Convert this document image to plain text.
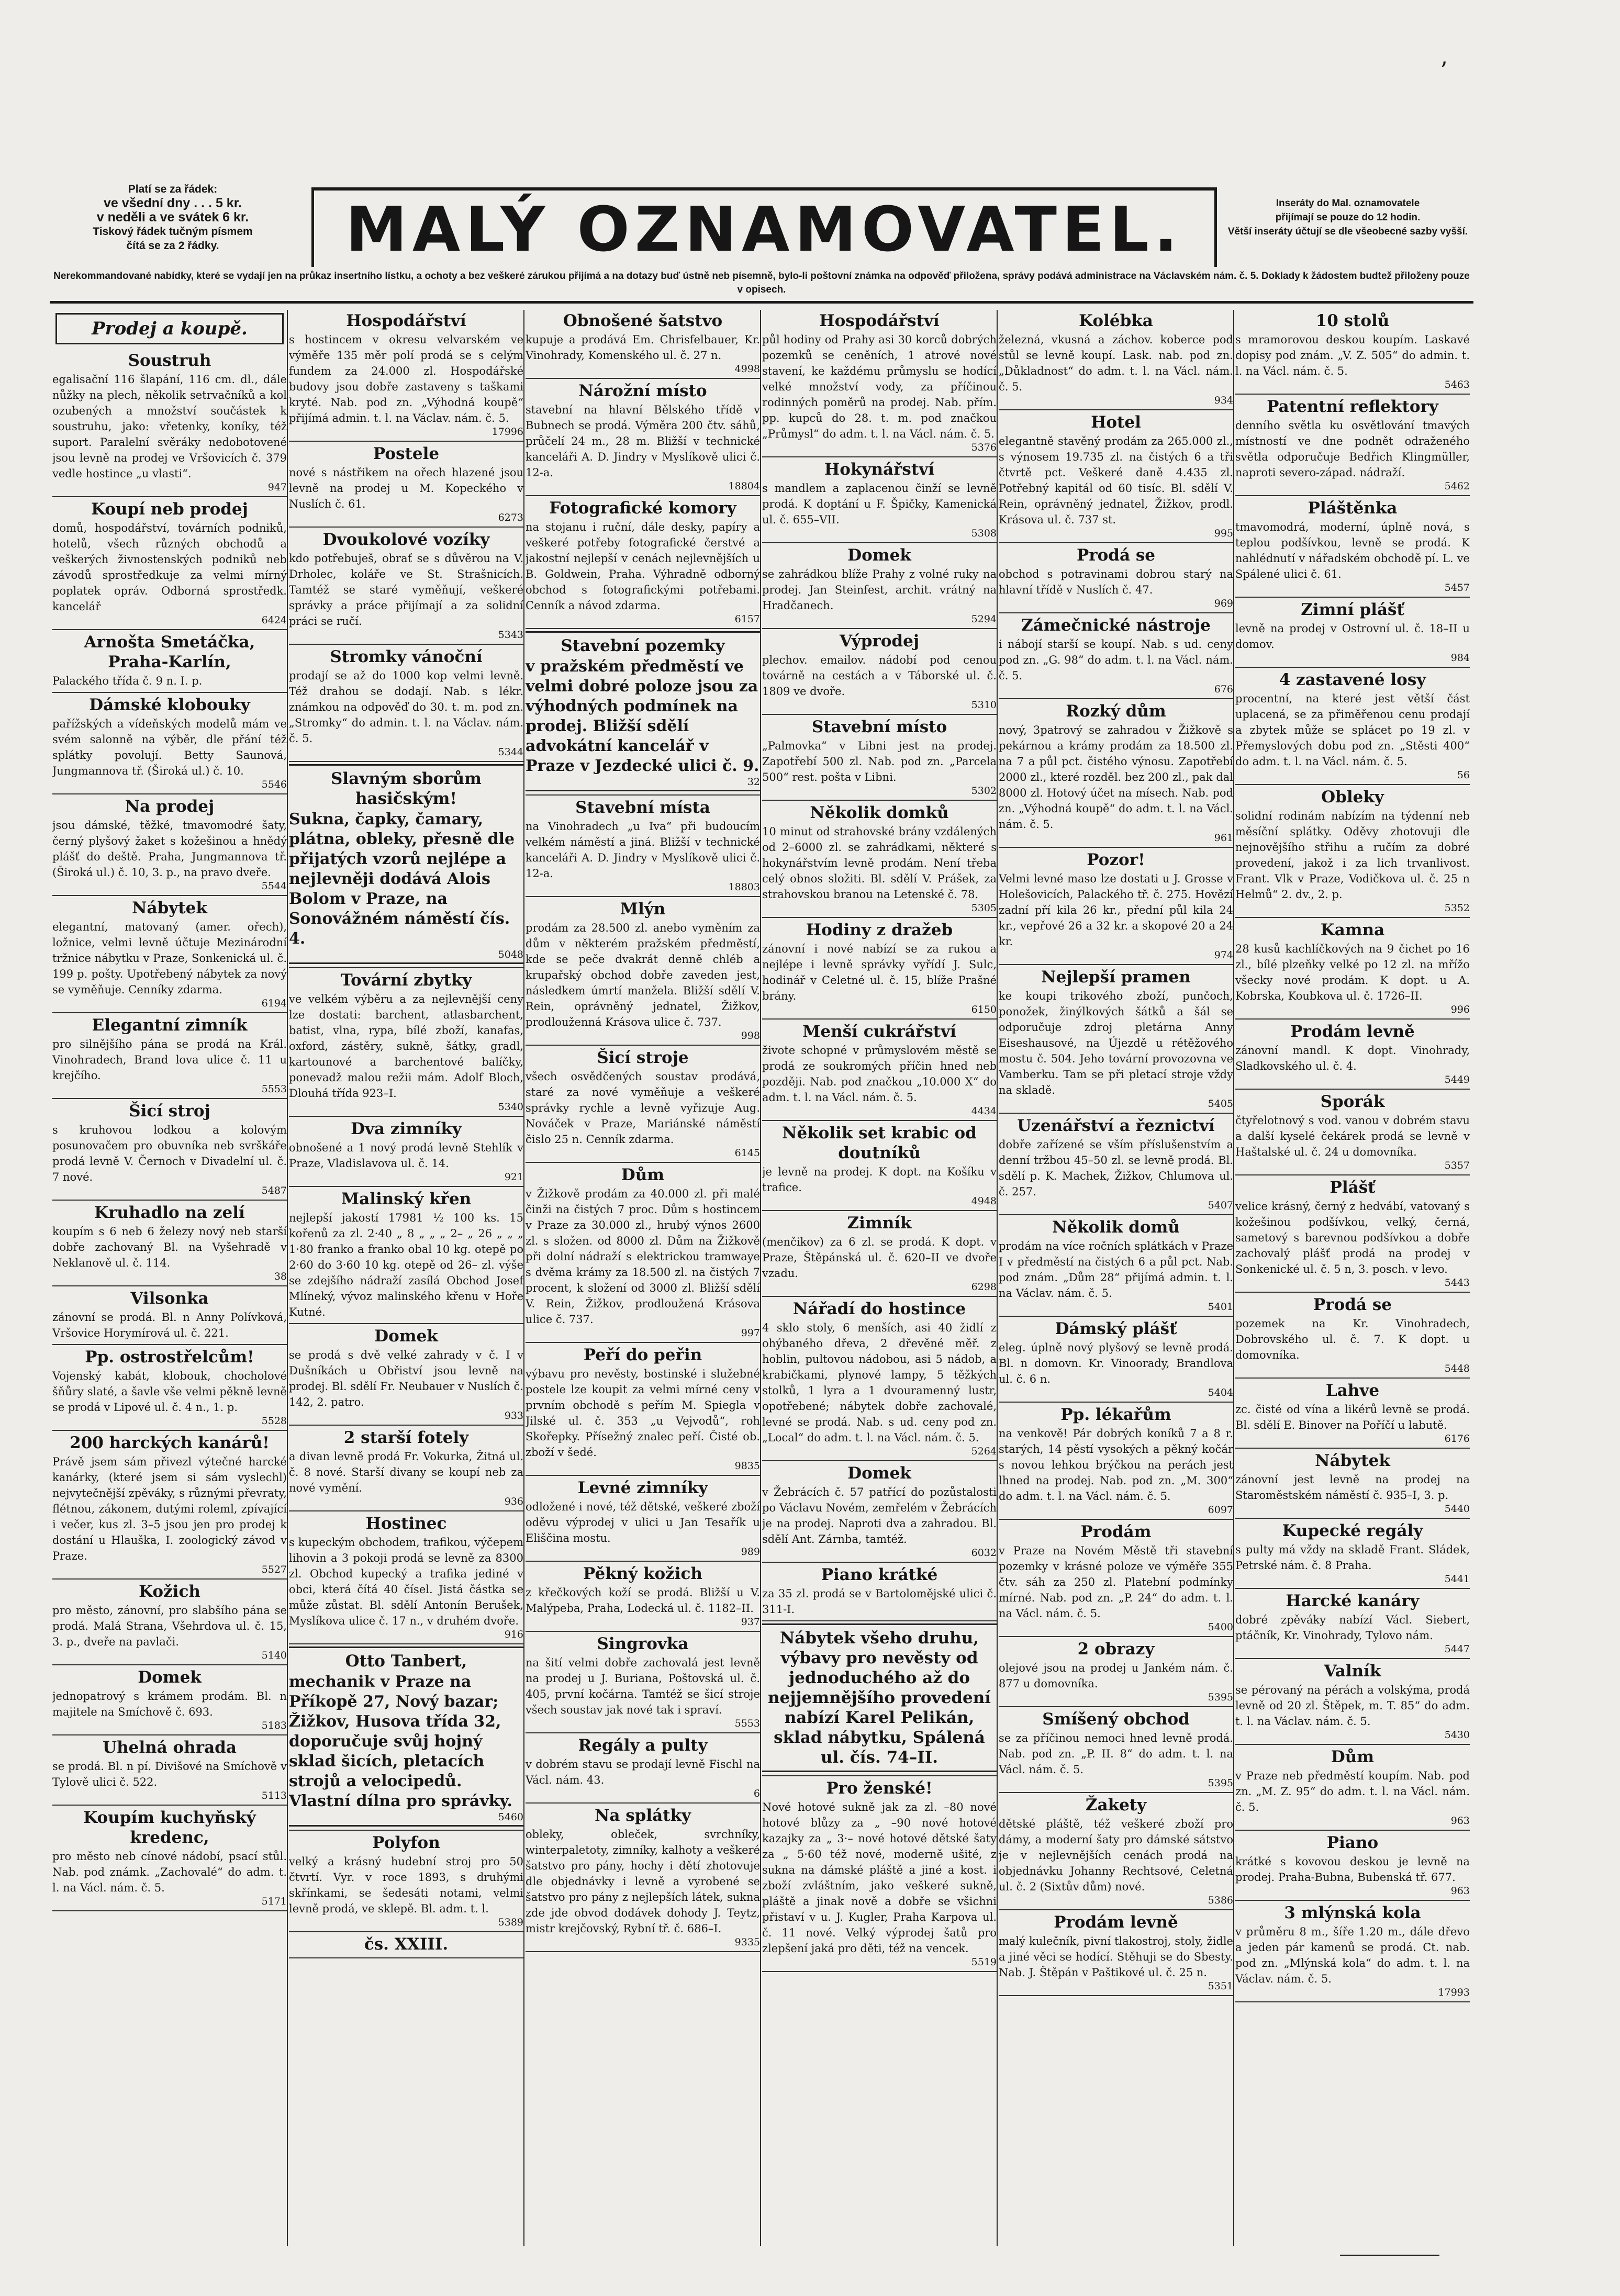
ʼ
Platí se za řádek:
ve všední dny . . . 5 kr.
v neděli a ve svátek 6 kr.
Tiskový řádek tučným písmem
čítá se za 2 řádky.	MALÝ OZNAMOVATEL.	Inseráty do Mal. oznamovatele
přijímají se pouze do 12 hodin.
Větší inseráty účtují se dle všeobecné sazby vyšší.
Nerekommandované nabídky, které se vydají jen na průkaz insertního lístku, a ochoty a bez veškeré zárukou přijímá a na dotazy buď ústně neb písemně, bylo-li poštovní známka na odpověď přiložena, správy podává administrace na Václavském nám. č. 5. Doklady k žádostem budtež přiloženy pouze v opisech.
Prodej a koupě.
Soustruh

egalisační 116 šlapání, 116 cm. dl., dále nůžky na plech, několik setrvačníků a kol ozubených a množství součástek k soustruhu, jako: vřetenky, koníky, též suport. Paralelní svěráky nedobotovené jsou levně na prodej ve Vršovicích č. 379 vedle hostince „u vlasti“.

947
Koupí neb prodej

domů, hospodářství, továrních podniků, hotelů, všech různých obchodů a veškerých živnostenských podniků neb závodů sprostředkuje za velmi mírný poplatek opráv. Odborná sprostředk. kancelář

6424
Arnošta Smetáčka, Praha-Karlín,

Palackého třída č. 9 n. I. p.

Dámské klobouky

pařížských a vídeňských modelů mám ve svém salonně na výběr, dle přání též splátky povolují. Betty Saunová, Jungmannova tř. (Široká ul.) č. 10.

5546
Na prodej

jsou dámské, těžké, tmavomodré šaty, černý plyšový žaket s kožešinou a hnědý plášť do deště. Praha, Jungmannova tř. (Široká ul.) č. 10, 3. p., na pravo dveře.

5544
Nábytek

elegantní, matovaný (amer. ořech), ložnice, velmi levně účtuje Mezinárodní tržnice nábytku v Praze, Sonkenická ul. č. 199 p. pošty. Upotřebený nábytek za nový se vyměňuje. Cenníky zdarma.

6194
Elegantní zimník

pro silnějšího pána se prodá na Král. Vinohradech, Brand lova ulice č. 11 u krejčího.

5553
Šicí stroj

s kruhovou lodkou a kolovým posunovačem pro obuvníka neb svrškáře prodá levně V. Černoch v Divadelní ul. č. 7 nové.

5487
Kruhadlo na zelí

koupím s 6 neb 6 železy nový neb starší dobře zachovaný Bl. na Vyšehradě v Neklanově ul. č. 114.

38
Vilsonka

zánovní se prodá. Bl. n Anny Polívková, Vršovice Horymírová ul. č. 221.

Pp. ostrostřelcům!

Vojenský kabát, klobouk, chocholové šňůry slaté, a šavle vše velmi pěkně levně se prodá v Lipové ul. č. 4 n., 1. p.

5528
200 harckých kanárů!

Právě jsem sám přivezl výtečné harcké kanárky, (které jsem si sám vyslechl) nejvytečnější zpěváky, s různými převraty, flétnou, zákonem, dutými roleml, zpívající i večer, kus zl. 3–5 jsou jen pro prodej k dostání u Hlauška, I. zoologický závod v Praze.

5527
Kožich

pro město, zánovní, pro slabšího pána se prodá. Malá Strana, Všehrdova ul. č. 15, 3. p., dveře na pavlači.

5140
Domek

jednopatrový s krámem prodám. Bl. n majitele na Smíchově č. 693.

5183
Uhelná ohrada

se prodá. Bl. n pí. Divišové na Smíchově v Tylově ulici č. 522.

5113
Koupím kuchyňský kredenc,

pro město neb cínové nádobí, psací stůl. Nab. pod známk. „Zachovalé“ do adm. t. l. na Václ. nám. č. 5.

5171
Hospodářství

s hostincem v okresu velvarském ve výměře 135 měr polí prodá se s celým fundem za 24.000 zl. Hospodářské budovy jsou dobře zastaveny s taškami kryté. Nab. pod zn. „Výhodná koupě“ přijímá admin. t. l. na Václav. nám. č. 5.

17996
Postele

nové s nástřikem na ořech hlazené jsou levně na prodej u M. Kopeckého v Nuslích č. 61.

6273
Dvoukolové vozíky

kdo potřebuješ, obrať se s důvěrou na V. Drholec, koláře ve St. Strašnicích. Tamtéž se staré vyměňují, veškeré správky a práce přijímají a za solidní práci se ručí.

5343
Stromky vánoční

prodají se až do 1000 kop velmi levně. Též drahou se dodají. Nab. s lékr. známkou na odpověď do 30. t. m. pod zn. „Stromky“ do admin. t. l. na Václav. nám. č. 5.

5344
Slavným sborům hasičským!

Sukna, čapky, čamary, plátna, obleky, přesně dle přijatých vzorů nejlépe a nejlevněji dodává Alois Bolom v Praze, na Sonovážném náměstí čís. 4.

5048
Tovární zbytky

ve velkém výběru a za nejlevnější ceny lze dostati: barchent, atlasbarchent, batist, vlna, rypa, bílé zboží, kanafas, oxford, zástěry, sukně, šátky, gradl, kartounové a barchentové balíčky, ponevadž malou režii mám. Adolf Bloch, Dlouhá třída 923–I.

5340
Dva zimníky

obnošené a 1 nový prodá levně Stehlík v Praze, Vladislavova ul. č. 14.

921
Malinský křen

nejlepší jakostí 17981 ½ 100 ks. 15 kořenů za zl. 2·40 „ 8 „ „ „ 2– „ 26 „ „ „ 1·80 franko a franko obal 10 kg. otepě po 2·60 do 3·60 10 kg. otepě od 26– zl. výše se zdejšího nádraží zasílá Obchod Josef Mlíneký, vývoz malinského křenu v Hoře Kutné.

Domek

se prodá s dvě velké zahrady v č. I v Dušníkách u Obřiství jsou levně na prodej. Bl. sdělí Fr. Neubauer v Nuslích č. 142, 2. patro.

933
2 starší fotely

a divan levně prodá Fr. Vokurka, Žitná ul. č. 8 nové. Starší divany se koupí neb za nové vymění.

936
Hostinec

s kupeckým obchodem, trafikou, výčepem lihovin a 3 pokoji prodá se levně za 8300 zl. Obchod kupecký a trafika jediné v obci, která čítá 40 čísel. Jistá částka se může zůstat. Bl. sdělí Antonín Berušek, Myslíkova ulice č. 17 n., v druhém dvoře.

916
Otto Tanbert,

mechanik v Praze na Příkopě 27, Nový bazar; Žižkov, Husova třída 32, doporučuje svůj hojný sklad šicích, pletacích strojů a velocipedů. Vlastní dílna pro správky.

5460
Polyfon

velký a krásný hudební stroj pro 50 čtvrtí. Vyr. v roce 1893, s druhými skřínkami, se šedesáti notami, velmi levně prodá, ve sklepě. Bl. adm. t. l.

5389
čs. XXIII.

Obnošené šatstvo

kupuje a prodává Em. Chrisfelbauer, Kr. Vinohrady, Komenského ul. č. 27 n.

4998
Nárožní místo

stavební na hlavní Bělského třídě v Bubnech se prodá. Výměra 200 čtv. sáhů, průčelí 24 m., 28 m. Bližší v technické kanceláři A. D. Jindry v Myslíkově ulici č. 12-a.

18804
Fotografické komory

na stojanu i ruční, dále desky, papíry a veškeré potřeby fotografické čerstvé a jakostní nejlepší v cenách nejlevnějších u B. Goldwein, Praha. Výhradně odborný obchod s fotografickými potřebami. Cenník a návod zdarma.

6157
Stavební pozemky

v pražském předměstí ve velmi dobré poloze jsou za výhodných podmínek na prodej. Bližší sdělí advokátní kancelář v Praze v Jezdecké ulici č. 9.

32
Stavební místa

na Vinohradech „u Iva“ při budoucím velkém náměstí a jiná. Bližší v technické kanceláři A. D. Jindry v Myslíkově ulici č. 12-a.

18803
Mlýn

prodám za 28.500 zl. anebo vyměním za dům v některém pražském předměstí, kde se peče dvakrát denně chléb a krupařský obchod dobře zaveden jest, následkem úmrtí manžela. Bližší sdělí V. Rein, oprávněný jednatel, Žižkov, prodlouženná Krásova ulice č. 737.

998
Šicí stroje

všech osvědčených soustav prodává, staré za nové vyměňuje a veškeré správky rychle a levně vyřizuje Aug. Nováček v Praze, Mariánské náměstí čislo 25 n. Cenník zdarma.

6145
Dům

v Žižkově prodám za 40.000 zl. při malé činži na čistých 7 proc. Dům s hostincem v Praze za 30.000 zl., hrubý výnos 2600 zl. s složen. od 8000 zl. Dům na Žižkově při dolní nádraží s elektrickou tramwaye s dvěma krámy za 18.500 zl. na čistých 7 procent, k složení od 3000 zl. Bližší sdělí V. Rein, Žižkov, prodloužená Krásova ulice č. 737.

997
Peří do peřin

výbavu pro nevěsty, bostinské i služebné postele lze koupit za velmi mírné ceny v prvním obchodě s peřím M. Spiegla v Jilské ul. č. 353 „u Vejvodů“, roh Skořepky. Přísežný znalec peří. Čisté ob. zboží v šedé.

9835
Levné zimníky

odložené i nové, též dětské, veškeré zboží oděvu výprodej v ulici u Jan Tesařík u Eliščina mostu.

989
Pěkný kožich

z křečkových koží se prodá. Bližší u V. Malýpeba, Praha, Lodecká ul. č. 1182–II.

937
Singrovka

na šití velmi dobře zachovalá jest levně na prodej u J. Buriana, Poštovská ul. č. 405, první kočárna. Tamtéž se šicí stroje všech soustav jak nové tak i spraví.

5553
Regály a pulty

v dobrém stavu se prodají levně Fischl na Václ. nám. 43.

6
Na splátky

obleky, obleček, svrchníky, winterpaletoty, zimníky, kalhoty a veškeré šatstvo pro pány, hochy i dětí zhotovuje dle objednávky i levně a vyrobené se šatstvo pro pány z nejlepších látek, sukna zde jde obvod dodávek dohody J. Teytz, mistr krejčovský, Rybní tř. č. 686–I.

9335
Hospodářství

půl hodiny od Prahy asi 30 korců dobrých pozemků se ceněních, 1 atrové nové stavení, ke každému průmyslu se hodící velké množství vody, za příčinou rodinných poměrů na prodej. Nab. přím. pp. kupců do 28. t. m. pod značkou „Průmysl“ do adm. t. l. na Václ. nám. č. 5.

5376
Hokynářství

s mandlem a zaplacenou činží se levně prodá. K doptání u F. Špičky, Kamenická ul. č. 655–VII.

5308
Domek

se zahrádkou blíže Prahy z volné ruky na prodej. Jan Steinfest, archit. vrátný na Hradčanech.

5294
Výprodej

plechov. emailov. nádobí pod cenou továrně na cestách a v Táborské ul. č. 1809 ve dvoře.

5310
Stavební místo

„Palmovka“ v Libni jest na prodej. Zapotřebí 500 zl. Nab. pod zn. „Parcela 500“ rest. pošta v Libni.

5302
Několik domků

10 minut od strahovské brány vzdálených od 2–6000 zl. se zahrádkami, některé s hokynářstvím levně prodám. Není třeba celý obnos složiti. Bl. sdělí V. Prášek, za strahovskou branou na Letenské č. 78.

5305
Hodiny z dražeb

zánovní i nové nabízí se za rukou a nejlépe i levně správky vyřídí J. Sulc, hodinář v Celetné ul. č. 15, blíže Prašné brány.

6150
Menší cukrářství

živote schopné v průmyslovém městě se prodá ze soukromých příčin hned neb později. Nab. pod značkou „10.000 X“ do adm. t. l. na Václ. nám. č. 5.

4434
Několik set krabic od doutníků

je levně na prodej. K dopt. na Košíku v trafice.

4948
Zimník

(menčikov) za 6 zl. se prodá. K dopt. v Praze, Štěpánská ul. č. 620–II ve dvoře vzadu.

6298
Nářadí do hostince

4 sklo stoly, 6 menších, asi 40 židlí z ohýbaného dřeva, 2 dřevěné měř. z hoblin, pultovou nádobou, asi 5 nádob, a krabičkami, plynové lampy, 5 těžkých stolků, 1 lyra a 1 dvouramenný lustr, opotřebené; nábytek dobře zachovalé, levné se prodá. Nab. s ud. ceny pod zn. „Local“ do adm. t. l. na Václ. nám. č. 5.

5264
Domek

v Žebrácích č. 57 patřící do pozůstalosti po Václavu Novém, zemřelém v Žebrácích je na prodej. Naproti dva a zahradou. Bl. sdělí Ant. Zárnba, tamtéž.

6032
Piano krátké

za 35 zl. prodá se v Bartolomějské ulici č. 311-I.

Nábytek všeho druhu, výbavy pro nevěsty od jednoduchého až do nejjemnějšího provedení nabízí Karel Pelikán, sklad nábytku, Spálená ul. čís. 74–II.

Pro ženské!

Nové hotové sukně jak za zl. –80 nové hotové blůzy za „ –90 nové hotové kazajky za „ 3·– nové hotové dětské šaty za „ 5·60 též nové, moderně ušité, z sukna na dámské pláště a jiné a kost. i zboží zvláštním, jako veškeré sukně, pláště a jinak nově a dobře se všichni přistaví v u. J. Kugler, Praha Karpova ul. č. 11 nové. Velký výprodej šatů pro zlepšení jaká pro děti, též na vencek.

5519
Kolébka

železná, vkusná a záchov. koberce pod stůl se levně koupí. Lask. nab. pod zn. „Důkladnost“ do adm. t. l. na Václ. nám. č. 5.

934
Hotel

elegantně stavěný prodám za 265.000 zl., s výnosem 19.735 zl. na čistých 6 a tři čtvrtě pct. Veškeré daně 4.435 zl. Potřebný kapitál od 60 tisíc. Bl. sdělí V. Rein, oprávněný jednatel, Žižkov, prodl. Krásova ul. č. 737 st.

995
Prodá se

obchod s potravinami dobrou starý na hlavní třídě v Nuslích č. 47.

969
Zámečnické nástroje

i nábojí starší se koupí. Nab. s ud. ceny pod zn. „G. 98“ do adm. t. l. na Václ. nám. č. 5.

676
Rozký dům

nový, 3patrový se zahradou v Žižkově s pekárnou a krámy prodám za 18.500 zl. na 7 a půl pct. čistého výnosu. Zapotřebí 2000 zl., které rozděl. bez 200 zl., pak dal 8000 zl. Hotový účet na mísech. Nab. pod zn. „Výhodná koupě“ do adm. t. l. na Václ. nám. č. 5.

961
Pozor!

Velmi levné maso lze dostati u J. Grosse v Holešovicích, Palackého tř. č. 275. Hovězí zadní pří kila 26 kr., přední půl kila 24 kr., vepřové 26 a 32 kr. a skopové 20 a 24 kr.

974
Nejlepší pramen

ke koupi trikového zboží, punčoch, ponožek, žinýlkových šátků a šál se odporučuje zdroj pletárna Anny Eiseshausové, na Újezdě u rétěžového mostu č. 504. Jeho tovární provozovna ve Vamberku. Tam se při pletací stroje vždy na skladě.

5405
Uzenářství a řeznictví

dobře zařízené se vším příslušenstvím a denní tržbou 45–50 zl. se levně prodá. Bl. sdělí p. K. Machek, Žižkov, Chlumova ul. č. 257.

5407
Několik domů

prodám na více ročních splátkách v Praze I v předměstí na čistých 6 a půl pct. Nab. pod znám. „Dům 28“ přijímá admin. t. l. na Václav. nám. č. 5.

5401
Dámský plášť

eleg. úplně nový plyšový se levně prodá. Bl. n domovn. Kr. Vinoorady, Brandlova ul. č. 6 n.

5404
Pp. lékařům

na venkově! Pár dobrých koníků 7 a 8 r. starých, 14 pěstí vysokých a pěkný kočár s novou lehkou brýčkou na perách jest lhned na prodej. Nab. pod zn. „M. 300“ do adm. t. l. na Václ. nám. č. 5.

6097
Prodám

v Praze na Novém Městě tři stavební pozemky v krásné poloze ve výměře 355 čtv. sáh za 250 zl. Platební podmínky mírné. Nab. pod zn. „P. 24“ do adm. t. l. na Václ. nám. č. 5.

5400
2 obrazy

olejové jsou na prodej u Jankém nám. č. 877 u domovníka.

5395
Smíšený obchod

se za příčinou nemoci hned levně prodá. Nab. pod zn. „P. II. 8“ do adm. t. l. na Václ. nám. č. 5.

5395
Žakety

dětské pláště, též veškeré zboží pro dámy, a moderní šaty pro dámské sátstvo je v nejlevnějších cenách prodá na objednávku Johanny Rechtsové, Celetná ul. č. 2 (Sixtův dům) nové.

5386
Prodám levně

malý kulečník, pivní tlakostroj, stoly, židle a jiné věci se hodící. Stěhuji se do Sbesty. Nab. J. Štěpán v Paštikové ul. č. 25 n.

5351
10 stolů

s mramorovou deskou koupím. Laskavé dopisy pod znám. „V. Z. 505“ do admin. t. l. na Václ. nám. č. 5.

5463
Patentní reflektory

denního světla ku osvětlování tmavých místností ve dne podnět odraženého světla odporučuje Bedřich Klingmüller, naproti severo-západ. nádraží.

5462
Pláštěnka

tmavomodrá, moderní, úplně nová, s teplou podšívkou, levně se prodá. K nahlédnutí v nářadském obchodě pí. L. ve Spálené ulici č. 61.

5457
Zimní plášť

levně na prodej v Ostrovní ul. č. 18–II u domov.

984
4 zastavené losy

procentní, na které jest větší část uplacená, se za přiměřenou cenu prodají a zbytek může se splácet po 19 zl. v Přemyslových dobu pod zn. „Stěsti 400“ do adm. t. l. na Václ. nám. č. 5.

56
Obleky

solidní rodinám nabízím na týdenní neb měsíční splátky. Oděvy zhotovuji dle nejnovějšího střihu a ručím za dobré provedení, jakož i za lich trvanlivost. Frant. Vlk v Praze, Vodičkova ul. č. 25 n Helmů“ 2. dv., 2. p.

5352
Kamna

28 kusů kachlíčkových na 9 čichet po 16 zl., bílé plzeňky velké po 12 zl. na mřížo všecky nové prodám. K dopt. u A. Kobrska, Koubkova ul. č. 1726–II.

996
Prodám levně

zánovní mandl. K dopt. Vinohrady, Sladkovského ul. č. 4.

5449
Sporák

čtyřelotnový s vod. vanou v dobrém stavu a další kyselé čekárek prodá se levně v Haštalské ul. č. 24 u domovníka.

5357
Plášť

velice krásný, černý z hedvábí, vatovaný s kožešinou podšívkou, velký, černá, sametový s barevnou podšívkou a dobře zachovalý plášť prodá na prodej v Sonkenické ul. č. 5 n, 3. posch. v levo.

5443
Prodá se

pozemek na Kr. Vinohradech, Dobrovského ul. č. 7. K dopt. u domovníka.

5448
Lahve

zc. čisté od vína a likérů levně se prodá. Bl. sdělí E. Binover na Poříčí u labutě.

6176
Nábytek

zánovní jest levně na prodej na Staroměstském náměstí č. 935–I, 3. p.

5440
Kupecké regály

s pulty má vždy na skladě Frant. Sládek, Petrské nám. č. 8 Praha.

5441
Harcké kanáry

dobré zpěváky nabízí Václ. Siebert, ptáčník, Kr. Vinohrady, Tylovo nám.

5447
Valník

se pérovaný na pérách a volskýma, prodá levně od 20 zl. Štěpek, m. T. 85“ do adm. t. l. na Václav. nám. č. 5.

5430
Dům

v Praze neb předměstí koupím. Nab. pod zn. „M. Z. 95“ do adm. t. l. na Václ. nám. č. 5.

963
Piano

krátké s kovovou deskou je levně na prodej. Praha-Bubna, Bubenská tř. 677.

963
3 mlýnská kola

v průměru 8 m., šíře 1.20 m., dále dřevo a jeden pár kamenů se prodá. Ct. nab. pod zn. „Mlýnská kola“ do adm. t. l. na Václav. nám. č. 5.

17993
